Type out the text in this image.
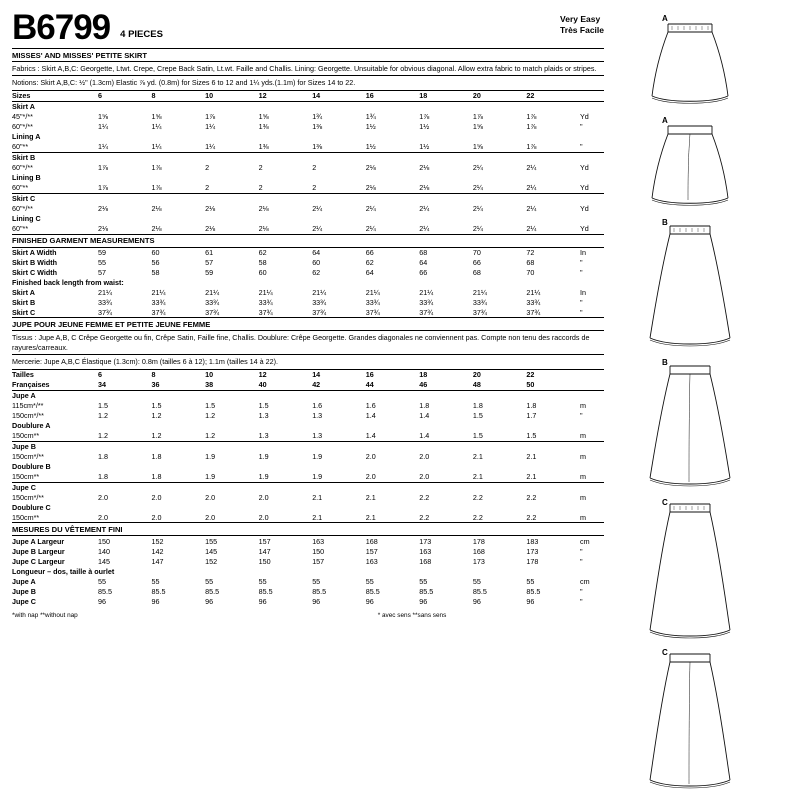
B6799 4 PIECES
Very Easy
Très Facile
MISSES' AND MISSES' PETITE SKIRT
Fabrics : Skirt A,B,C: Georgette, Ltwt. Crepe, Crepe Back Satin, Lt.wt. Faille and Challis. Lining: Georgette. Unsuitable for obvious diagonal. Allow extra fabric to match plaids or stripes.
Notions: Skirt A,B,C: ½" (1.3cm) Elastic ⅞ yd. (0.8m) for Sizes 6 to 12 and 1¼ yds.(1.1m) for Sizes 14 to 22.
Sizes	6	8	10	12	14	16	18	20	22	
Skirt A										
45"*/**	1⅝	1⅝	1⅞	1⅝	1¾	1¾	1⅞	1⅞	1⅞	Yd
60"*/**	1¼	1¼	1¼	1⅜	1⅜	1½	1½	1⅝	1⅞	"
Lining A										
60"**	1¼	1¼	1¼	1⅜	1⅜	1½	1½	1⅝	1⅞	"
Skirt B										
60"*/**	1⅞	1⅞	2	2	2	2⅛	2⅛	2¼	2¼	Yd
Lining B										
60"**	1⅞	1⅞	2	2	2	2⅛	2⅛	2¼	2¼	Yd
Skirt C										
60"*/**	2⅛	2⅛	2⅛	2⅛	2¼	2¼	2¼	2¼	2¼	Yd
Lining C										
60"**	2⅛	2⅛	2⅛	2⅛	2¼	2¼	2¼	2¼	2¼	Yd
FINISHED GARMENT MEASUREMENTS
Skirt A Width	59	60	61	62	64	66	68	70	72	In
Skirt B Width	55	56	57	58	60	62	64	66	68	"
Skirt C Width	57	58	59	60	62	64	66	68	70	"
Finished back length from waist:										
Skirt A	21¼	21¼	21¼	21¼	21¼	21¼	21¼	21¼	21¼	In
Skirt B	33¾	33¾	33¾	33¾	33¾	33¾	33¾	33¾	33¾	"
Skirt C	37¾	37¾	37¾	37¾	37¾	37¾	37¾	37¾	37¾	"
JUPE POUR JEUNE FEMME ET PETITE JEUNE FEMME
Tissus : Jupe A,B, C Crêpe Georgette ou fin, Crêpe Satin, Faille fine, Challis. Doublure: Crêpe Georgette. Grandes diagonales ne conviennent pas. Compte non tenu des raccords de rayures/carreaux.
Mercerie: Jupe A,B,C Élastique (1.3cm): 0.8m (tailles 6 à 12); 1.1m (tailles 14 à 22).
Tailles	6	8	10	12	14	16	18	20	22	
Françaises	34	36	38	40	42	44	46	48	50	
Jupe A										
115cm*/**	1.5	1.5	1.5	1.5	1.6	1.6	1.8	1.8	1.8	m
150cm*/**	1.2	1.2	1.2	1.3	1.3	1.4	1.4	1.5	1.7	"
Doublure A										
150cm**	1.2	1.2	1.2	1.3	1.3	1.4	1.4	1.5	1.5	m
Jupe B										
150cm*/**	1.8	1.8	1.9	1.9	1.9	2.0	2.0	2.1	2.1	m
Doublure B										
150cm**	1.8	1.8	1.9	1.9	1.9	2.0	2.0	2.1	2.1	m
Jupe C										
150cm*/**	2.0	2.0	2.0	2.0	2.1	2.1	2.2	2.2	2.2	m
Doublure C										
150cm**	2.0	2.0	2.0	2.0	2.1	2.1	2.2	2.2	2.2	m
MESURES DU VÊTEMENT FINI
Jupe A Largeur	150	152	155	157	163	168	173	178	183	cm
Jupe B Largeur	140	142	145	147	150	157	163	168	173	"
Jupe C Largeur	145	147	152	150	157	163	168	173	178	"
Longueur – dos, taille à ourlet										
Jupe A	55	55	55	55	55	55	55	55	55	cm
Jupe B	85.5	85.5	85.5	85.5	85.5	85.5	85.5	85.5	85.5	"
Jupe C	96	96	96	96	96	96	96	96	96	"
*with nap **without nap	* avec sens **sans sens
A
A
B
B
C
C
